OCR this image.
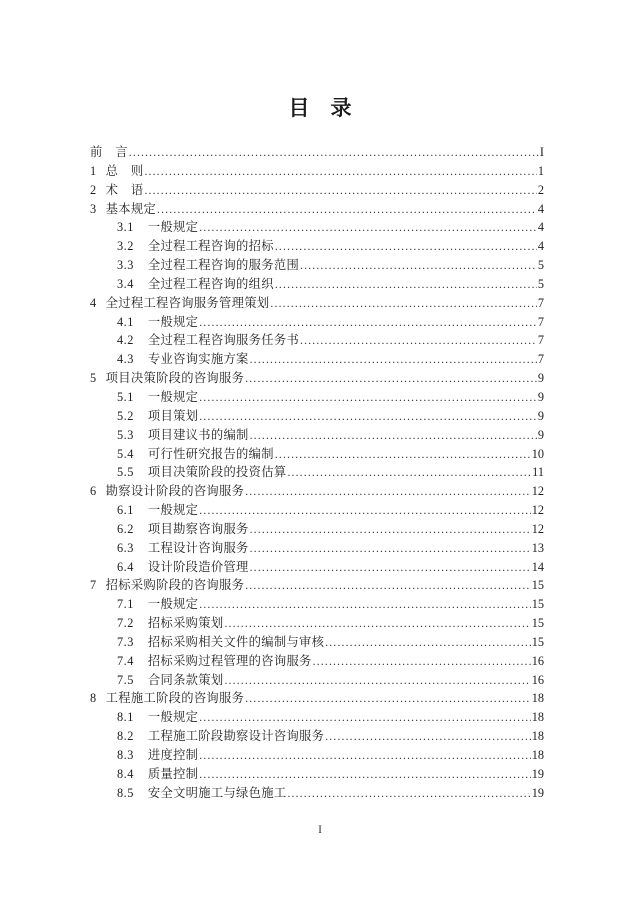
目　录
前　言 .....	I
1 总　则 .....	1
2 术　语 .....	2
3 基本规定 .....	4
3.1 一般规定 .....	4
3.2 全过程工程咨询的招标 .....	4
3.3 全过程工程咨询的服务范围 .....	5
3.4 全过程工程咨询的组织 .....	5
4 全过程工程咨询服务管理策划 .....	7
4.1 一般规定 .....	7
4.2 全过程工程咨询服务任务书 .....	7
4.3 专业咨询实施方案 .....	7
5 项目决策阶段的咨询服务 .....	9
5.1 一般规定 .....	9
5.2 项目策划 .....	9
5.3 项目建议书的编制 .....	9
5.4 可行性研究报告的编制 .....	10
5.5 项目决策阶段的投资估算 .....	11
6 勘察设计阶段的咨询服务 .....	12
6.1 一般规定 .....	12
6.2 项目勘察咨询服务 .....	12
6.3 工程设计咨询服务 .....	13
6.4 设计阶段造价管理 .....	14
7 招标采购阶段的咨询服务 .....	15
7.1 一般规定 .....	15
7.2 招标采购策划 .....	15
7.3 招标采购相关文件的编制与审核 .....	15
7.4 招标采购过程管理的咨询服务 .....	16
7.5 合同条款策划 .....	16
8 工程施工阶段的咨询服务 .....	18
8.1 一般规定 .....	18
8.2 工程施工阶段勘察设计咨询服务 .....	18
8.3 进度控制 .....	18
8.4 质量控制 .....	19
8.5 安全文明施工与绿色施工 .....	19
I
